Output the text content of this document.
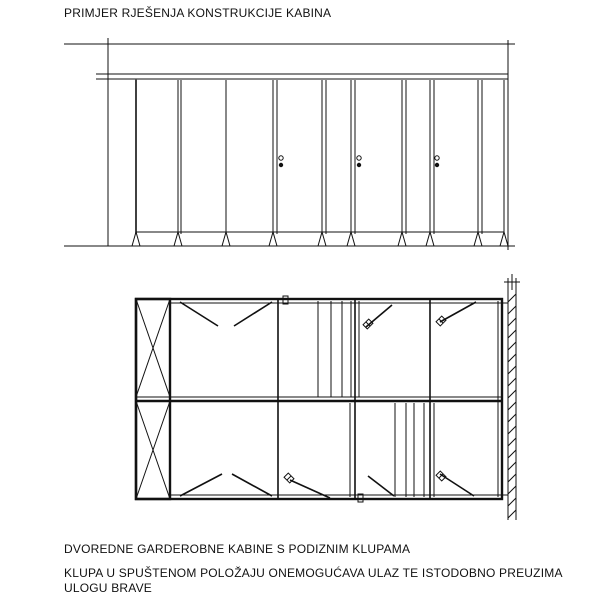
PRIMJER RJEŠENJA KONSTRUKCIJE KABINA
DVOREDNE GARDEROBNE KABINE S PODIZNIM KLUPAMA
KLUPA U SPUŠTENOM POLOŽAJU ONEMOGUĆAVA ULAZ TE ISTODOBNO PREUZIMA ULOGU BRAVE
